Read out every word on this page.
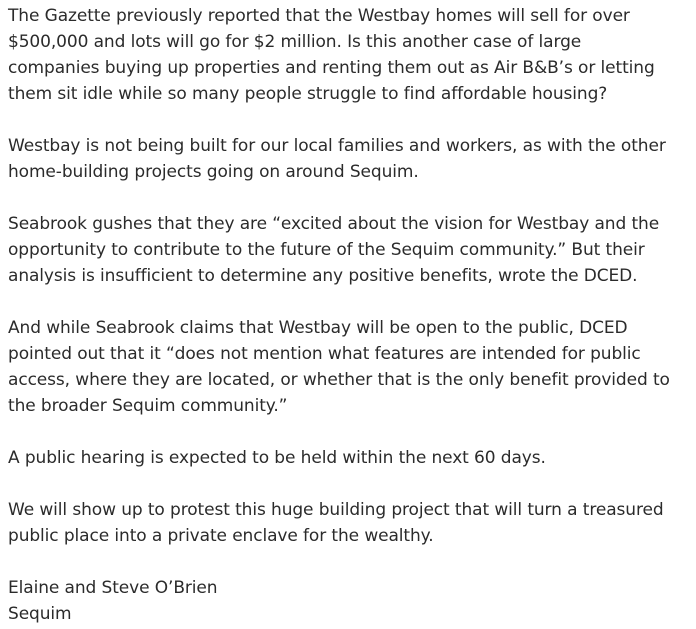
The Gazette previously reported that the Westbay homes will sell for over
$500,000 and lots will go for $2 million. Is this another case of large
companies buying up properties and renting them out as Air B&B’s or letting
them sit idle while so many people struggle to find affordable housing?
Westbay is not being built for our local families and workers, as with the other
home-building projects going on around Sequim.
Seabrook gushes that they are “excited about the vision for Westbay and the
opportunity to contribute to the future of the Sequim community.” But their
analysis is insufficient to determine any positive benefits, wrote the DCED.
And while Seabrook claims that Westbay will be open to the public, DCED
pointed out that it “does not mention what features are intended for public
access, where they are located, or whether that is the only benefit provided to
the broader Sequim community.”
A public hearing is expected to be held within the next 60 days.
We will show up to protest this huge building project that will turn a treasured
public place into a private enclave for the wealthy.
Elaine and Steve O’Brien
Sequim
